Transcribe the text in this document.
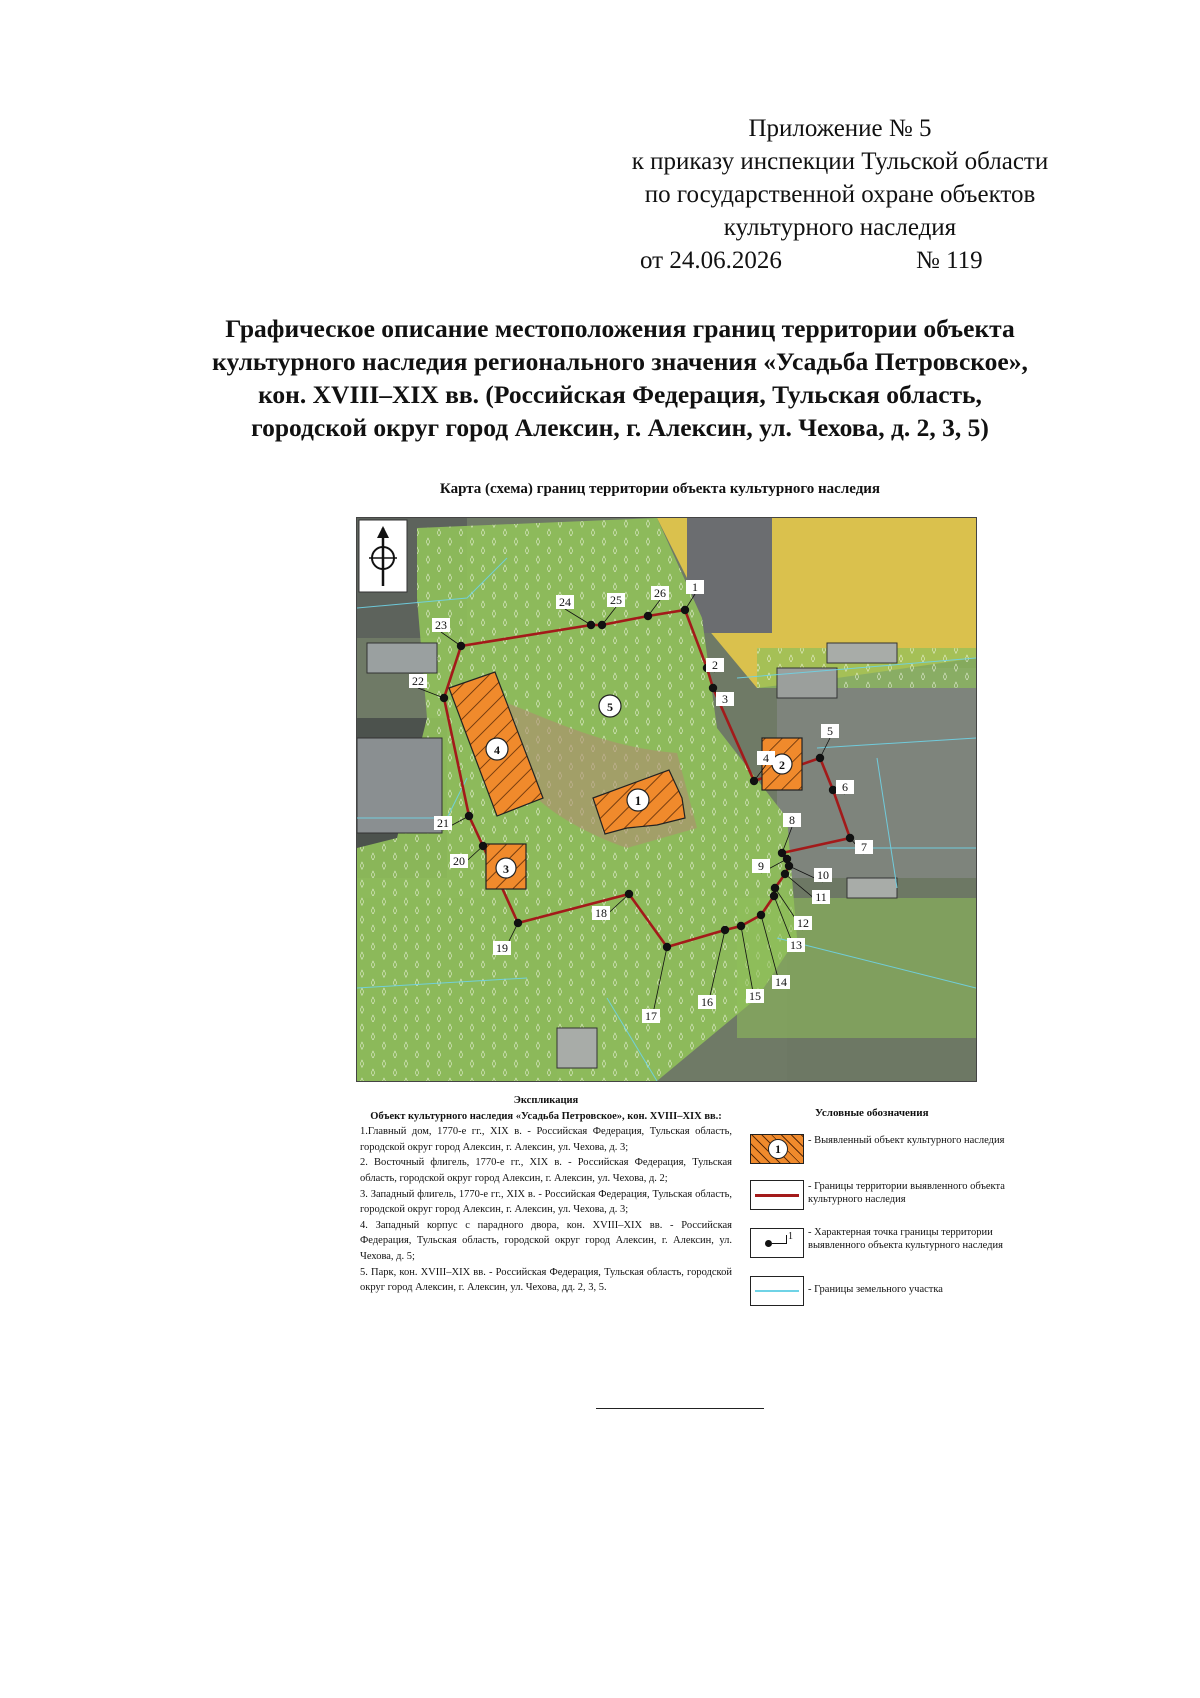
Приложение № 5
к приказу инспекции Тульской области
по государственной охране объектов
культурного наследия
от 24.06.2026	№ 119
Графическое описание местоположения границ территории объекта
культурного наследия регионального значения «Усадьба Петровское»,
кон. XVIII–XIX вв. (Российская Федерация, Тульская область,
городской округ город Алексин, г. Алексин, ул. Чехова, д. 2, 3, 5)
Карта (схема) границ территории объекта культурного наследия
1
2
3
4
5
1
2
3
4
5
6
7
8
9
10
11
12
13
14
15
16
17
18
19
20
21
22
23
24	25	26
Экспликация
Объект культурного наследия «Усадьба Петровское», кон. XVIII–XIX вв.:
1.Главный дом, 1770-е гг., XIX в. - Российская Федерация, Тульская область, городской округ город Алексин, г. Алексин, ул. Чехова, д. 3;
2. Восточный флигель, 1770-е гг., XIX в. - Российская Федерация, Тульская область, городской округ город Алексин, г. Алексин, ул. Чехова, д. 2;
3. Западный флигель, 1770-е гг., XIX в. - Российская Федерация, Тульская область, городской округ город Алексин, г. Алексин, ул. Чехова, д. 3;
4. Западный корпус с парадного двора, кон. XVIII–XIX вв. - Российская Федерация, Тульская область, городской округ город Алексин, г. Алексин, ул. Чехова, д. 5;
5. Парк, кон. XVIII–XIX вв. - Российская Федерация, Тульская область, городской округ город Алексин, г. Алексин, ул. Чехова, дд. 2, 3, 5.
Условные обозначения
1
- Выявленный объект культурного наследия
- Границы территории выявленного объекта культурного наследия
1 - Характерная точка границы территории выявленного объекта культурного наследия
- Границы земельного участка
